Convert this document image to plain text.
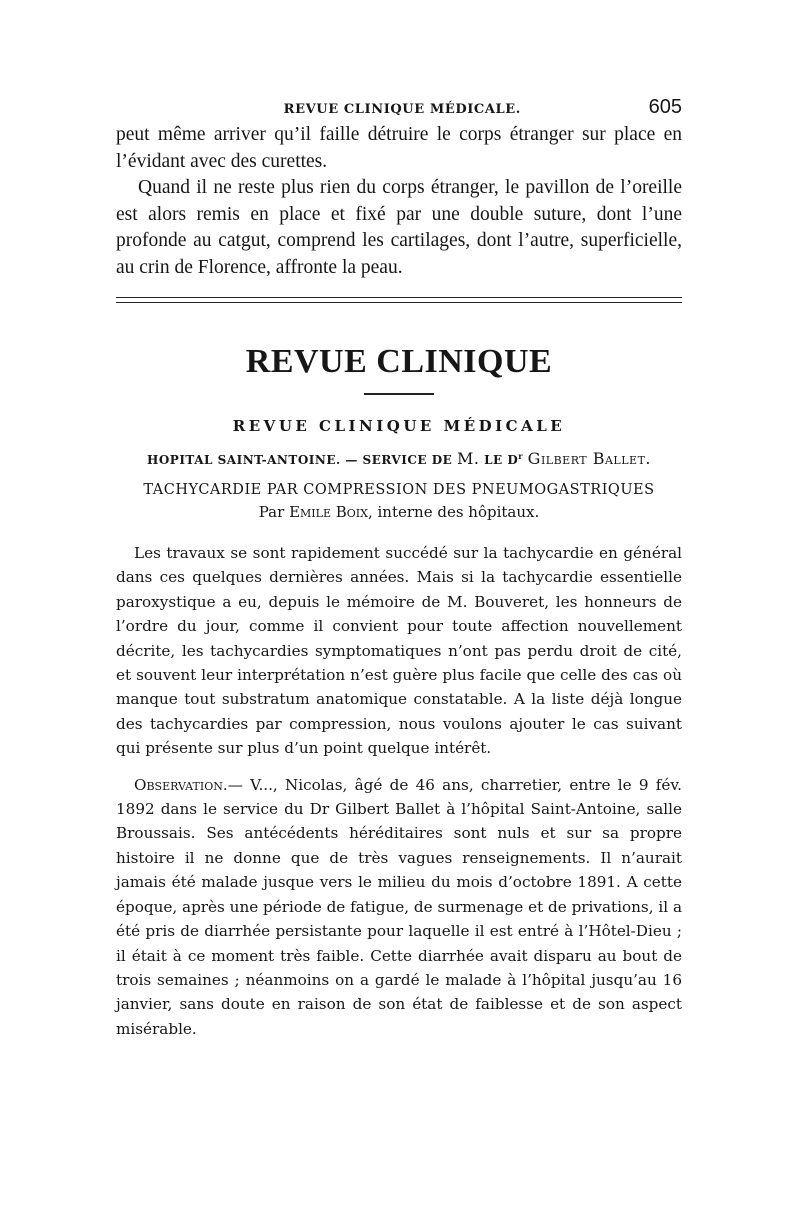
REVUE CLINIQUE MÉDICALE.	605

peut même arriver qu’il faille détruire le corps étranger sur place en l’évidant avec des curettes.

Quand il ne reste plus rien du corps étranger, le pavillon de l’oreille est alors remis en place et fixé par une double suture, dont l’une profonde au catgut, comprend les cartilages, dont l’autre, superficielle, au crin de Florence, affronte la peau.

REVUE CLINIQUE
REVUE CLINIQUE MÉDICALE
HOPITAL SAINT-ANTOINE. — SERVICE DE M. LE $D^r$ Gilbert Ballet.
TACHYCARDIE PAR COMPRESSION DES PNEUMOGASTRIQUES
Par Emile Boix, interne des hôpitaux.

Les travaux se sont rapidement succédé sur la tachycardie en général dans ces quelques dernières années. Mais si la tachycardie essentielle paroxystique a eu, depuis le mémoire de M. Bouveret, les honneurs de l’ordre du jour, comme il convient pour toute affection nouvellement décrite, les tachycardies symptomatiques n’ont pas perdu droit de cité, et souvent leur interprétation n’est guère plus facile que celle des cas où manque tout substratum anatomique constatable. A la liste déjà longue des tachycardies par compression, nous voulons ajouter le cas suivant qui présente sur plus d’un point quelque intérêt.

Observation.— V..., Nicolas, âgé de 46 ans, charretier, entre le 9 fév. 1892 dans le service du Dr Gilbert Ballet à l’hôpital Saint-Antoine, salle Broussais. Ses antécédents héréditaires sont nuls et sur sa propre histoire il ne donne que de très vagues renseignements. Il n’aurait jamais été malade jusque vers le milieu du mois d’octobre 1891. A cette époque, après une période de fatigue, de surmenage et de privations, il a été pris de diarrhée persistante pour laquelle il est entré à l’Hôtel-Dieu ; il était à ce moment très faible. Cette diarrhée avait disparu au bout de trois semaines ; néanmoins on a gardé le malade à l’hôpital jusqu’au 16 janvier, sans doute en raison de son état de faiblesse et de son aspect misérable.
